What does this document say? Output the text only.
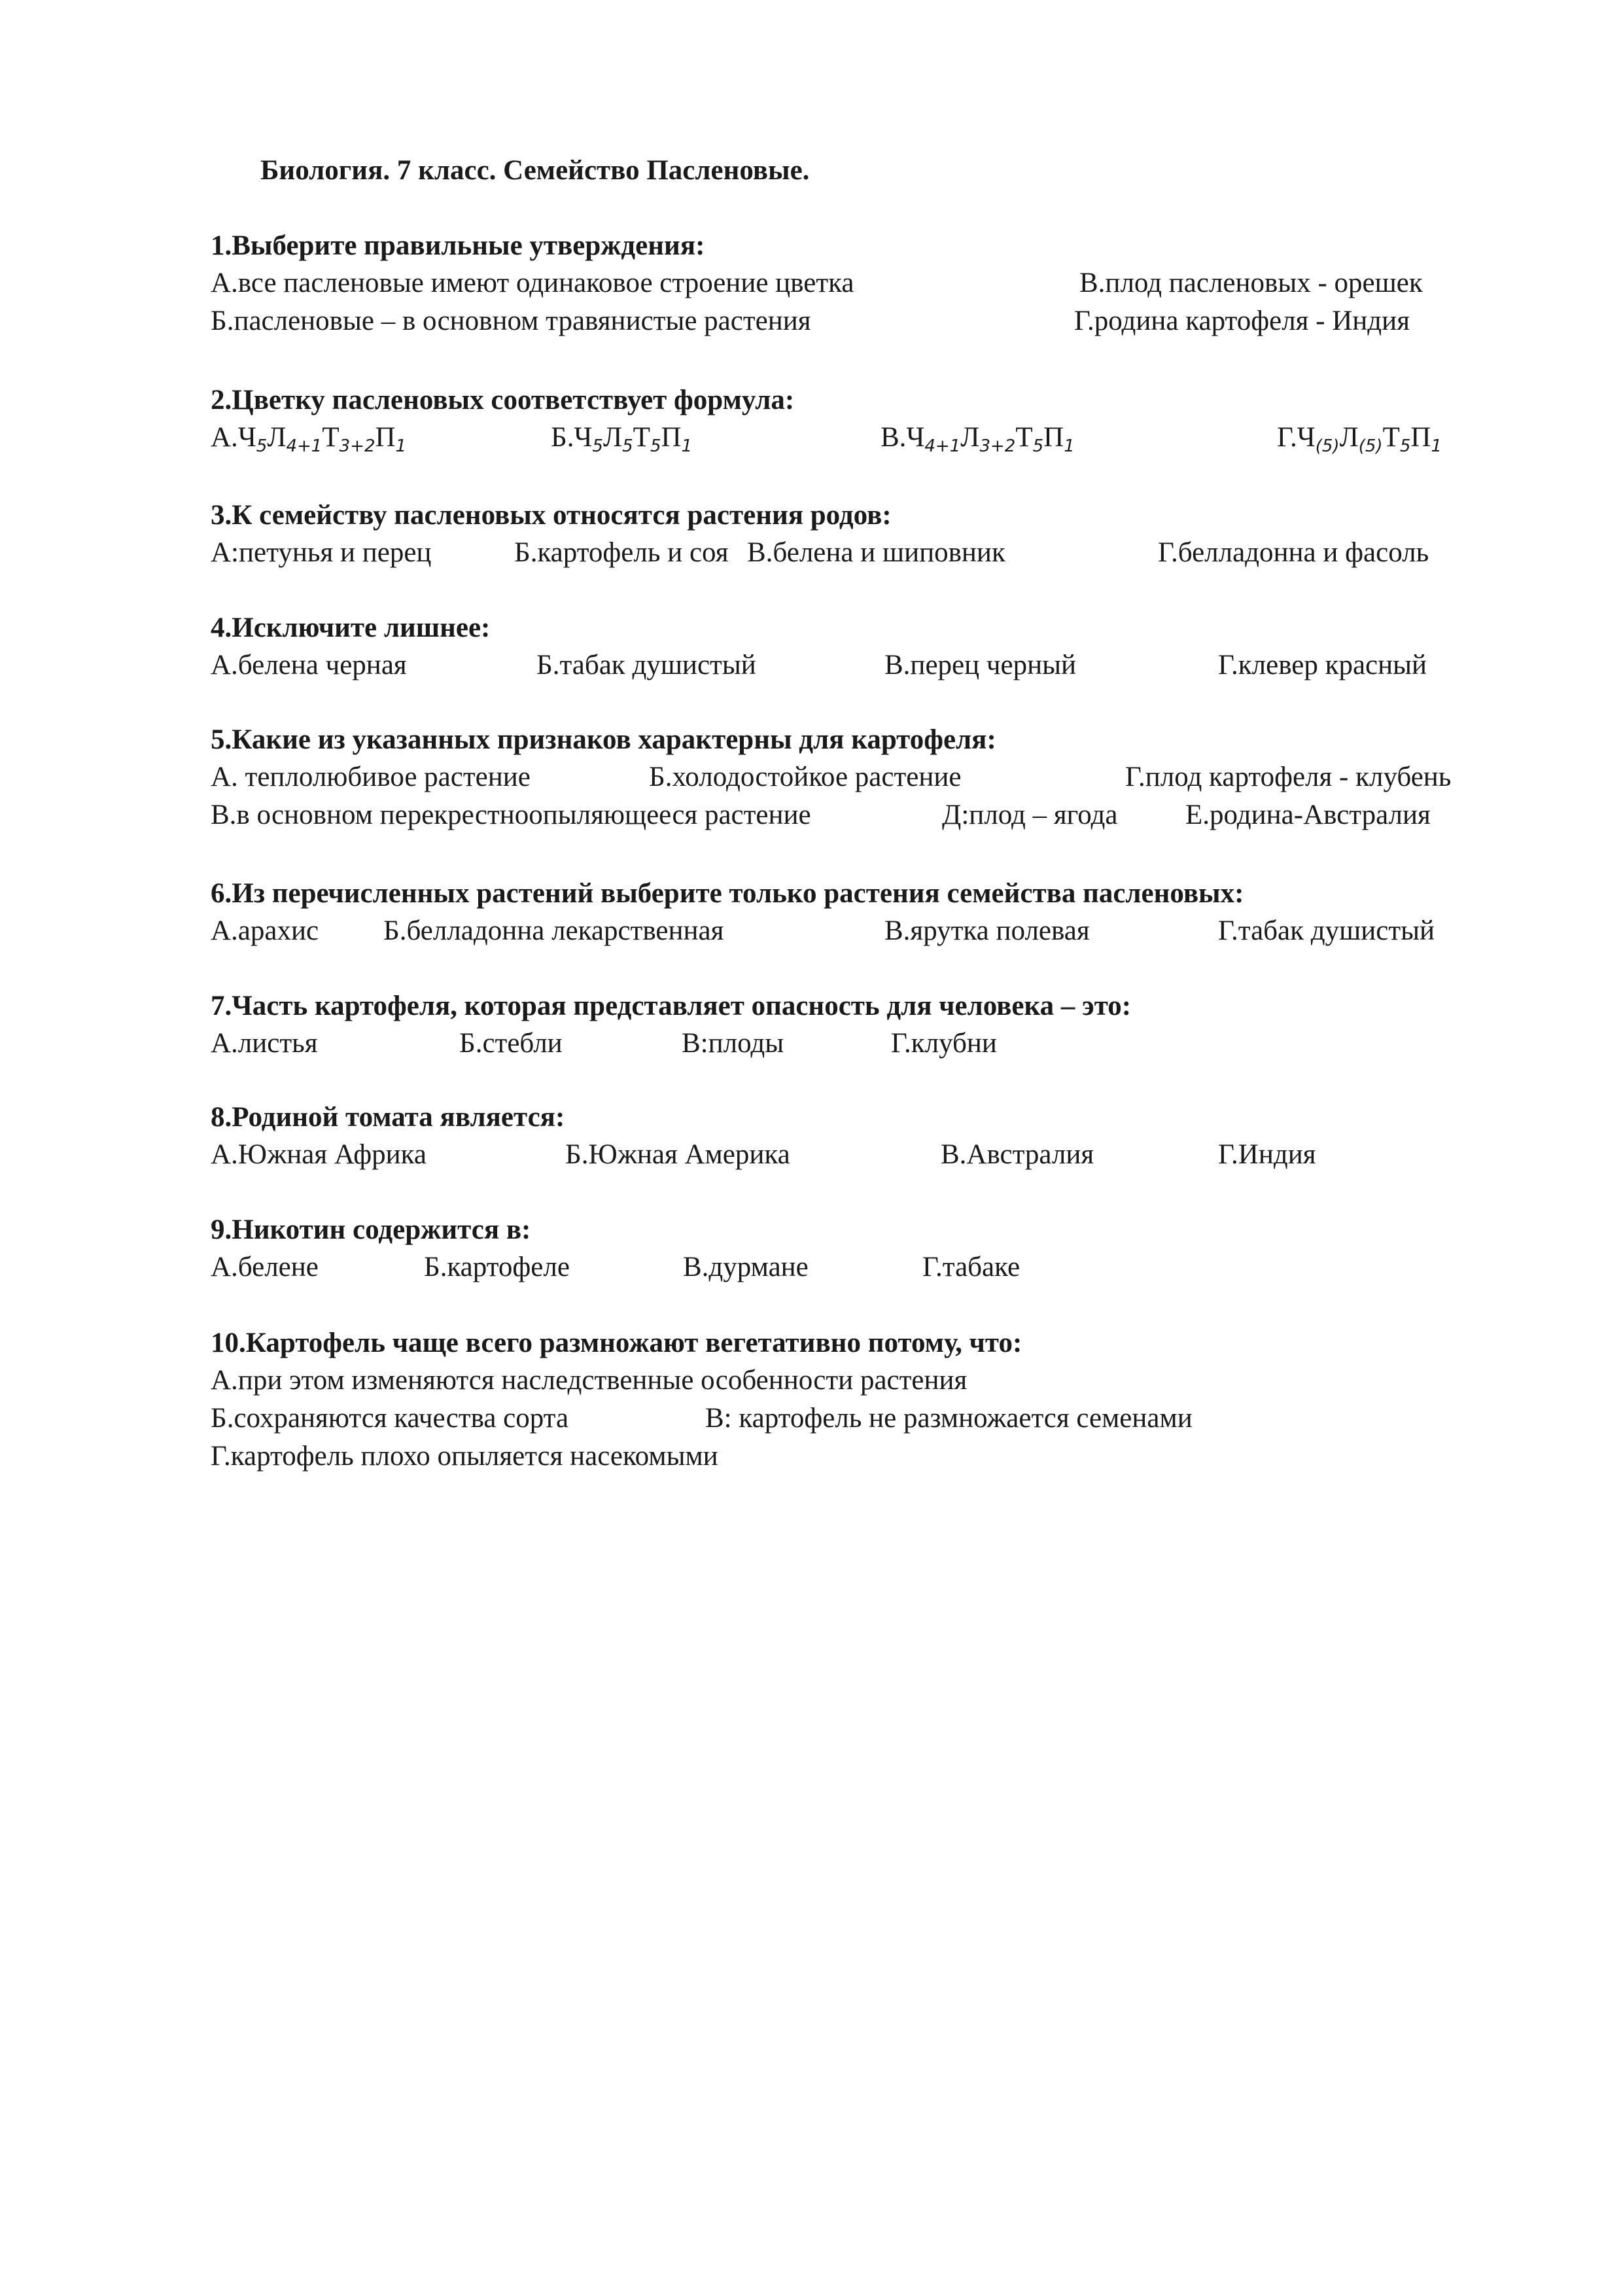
Биология. 7 класс. Семейство Пасленовые.
1.Выберите правильные утверждения:
А.все пасленовые имеют одинаковое строение цветка	В.плод пасленовых - орешек
Б.пасленовые – в основном травянистые растения	Г.родина картофеля - Индия
2.Цветку пасленовых соответствует формула:
$А.Ч_5Л_{4+1}Т_{3+2}П_1$	$Б.Ч_5Л_5Т_5П_1$	$В.Ч_{4+1}Л_{3+2}Т_5П_1$	$Г.Ч_{(5)}Л_{(5)}Т_5П_1$
3.К семейству пасленовых относятся растения родов:
А:петунья и перец	Б.картофель и соя В.белена и шиповник	Г.белладонна и фасоль
4.Исключите лишнее:
А.белена черная	Б.табак душистый	В.перец черный	Г.клевер красный
5.Какие из указанных признаков характерны для картофеля:
А. теплолюбивое растение	Б.холодостойкое растение	Г.плод картофеля - клубень
В.в основном перекрестноопыляющееся растение	Д:плод – ягода Е.родина-Австралия
6.Из перечисленных растений выберите только растения семейства пасленовых:
А.арахис Б.белладонна лекарственная	В.ярутка полевая	Г.табак душистый
7.Часть картофеля, которая представляет опасность для человека – это:
А.листья	Б.стебли	В:плоды	Г.клубни
8.Родиной томата является:
А.Южная Африка	Б.Южная Америка	В.Австралия	Г.Индия
9.Никотин содержится в:
А.белене	Б.картофеле	В.дурмане	Г.табаке
10.Картофель чаще всего размножают вегетативно потому, что:
А.при этом изменяются наследственные особенности растения
Б.сохраняются качества сорта	В: картофель не размножается семенами
Г.картофель плохо опыляется насекомыми
